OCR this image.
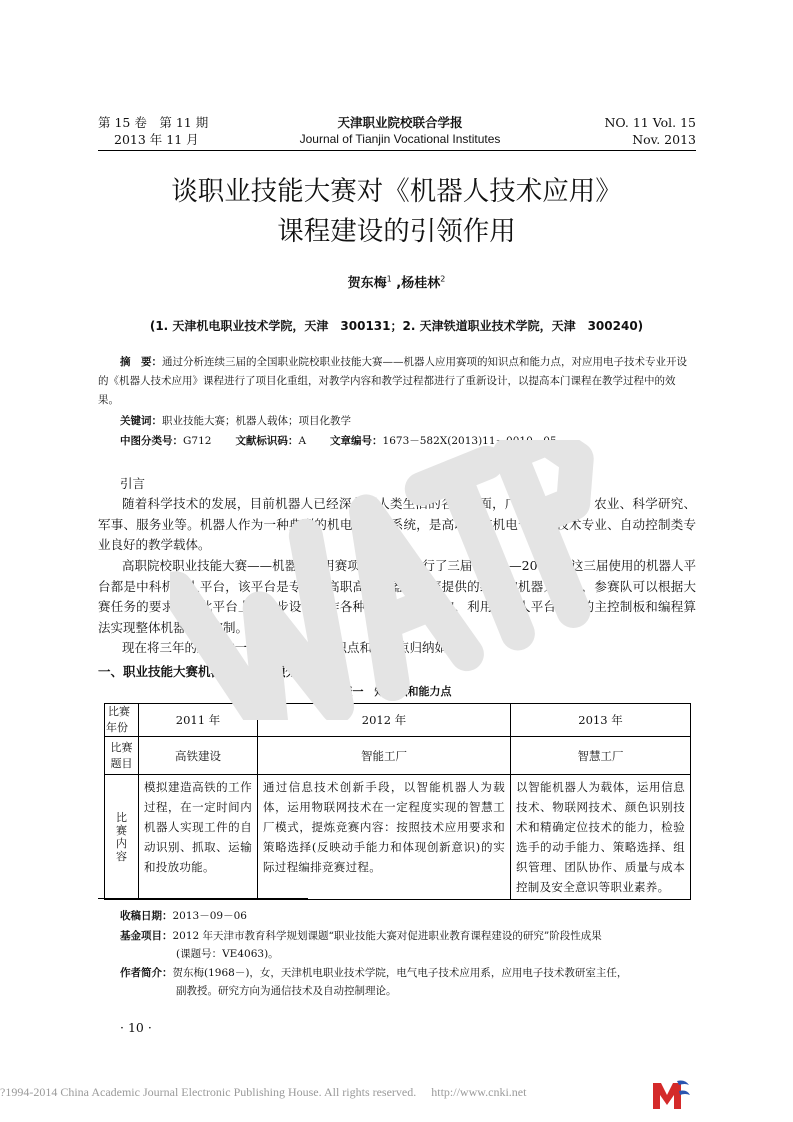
第 15 卷　第 11 期
2013 年 11 月
天津职业院校联合学报
Journal of Tianjin Vocational Institutes
NO. 11 Vol. 15
Nov. 2013
谈职业技能大赛对《机器人技术应用》
课程建设的引领作用
贺东梅$^1$ ,杨桂林$^2$
(1. 天津机电职业技术学院，天津　300131；2. 天津铁道职业技术学院，天津　300240)
摘　要：通过分析连续三届的全国职业院校职业技能大赛——机器人应用赛项的知识点和能力点，对应用电子技术专业开设的《机器人技术应用》课程进行了项目化重组，对教学内容和教学过程都进行了重新设计，以提高本门课程在教学过程中的效果。
关键词：职业技能大赛；机器人载体；项目化教学
中图分类号：G712 文献标识码：A 文章编号：1673－582X(2013)11－0010－05
引言
随着科学技术的发展，目前机器人已经深入到人类生活的各个方面，广泛用于工业、农业、科学研究、军事、服务业等。机器人作为一种典型的机电一体化系统，是高职院校机电一体化技术专业、自动控制类专业良好的教学载体。
高职院校职业技能大赛——机器人应用赛项已经连续举行了三届(2011—2013)，这三届使用的机器人平台都是中科机器人平台，该平台是专门为高职高专机器人大赛提供的统一的机器人平台，参赛队可以根据大赛任务的要求，在此平台上进一步设计制作各种抓取、投放机构，利用机器人平台提供的主控制板和编程算法实现整体机器人的控制。
现在将三年的题目做一总结，涉及的知识点和能力点归纳如表一。
一、职业技能大赛机器人应用赛项分析
表一　知识点和能力点
比赛
年份	2011 年	2012 年	2013 年

比赛
题目	高铁建设	智能工厂	智慧工厂

比赛内容	模拟建造高铁的工作过程，在一定时间内机器人实现工件的自动识别、抓取、运输和投放功能。	通过信息技术创新手段，以智能机器人为载体，运用物联网技术在一定程度实现的智慧工厂模式，提炼竞赛内容：按照技术应用要求和策略选择(反映动手能力和体现创新意识)的实际过程编排竞赛过程。	以智能机器人为载体，运用信息技术、物联网技术、颜色识别技术和精确定位技术的能力，检验选手的动手能力、策略选择、组织管理、团队协作、质量与成本控制及安全意识等职业素养。
收稿日期：2013－09－06
基金项目：2012 年天津市教育科学规划课题“职业技能大赛对促进职业教育课程建设的研究”阶段性成果
(课题号：VE4063)。
作者简介：贺东梅(1968－)，女，天津机电职业技术学院，电气电子技术应用系，应用电子技术教研室主任，
副教授。研究方向为通信技术及自动控制理论。
· 10 ·
?1994-2014 China Academic Journal Electronic Publishing House. All rights reserved.　 http://www.cnki.net
